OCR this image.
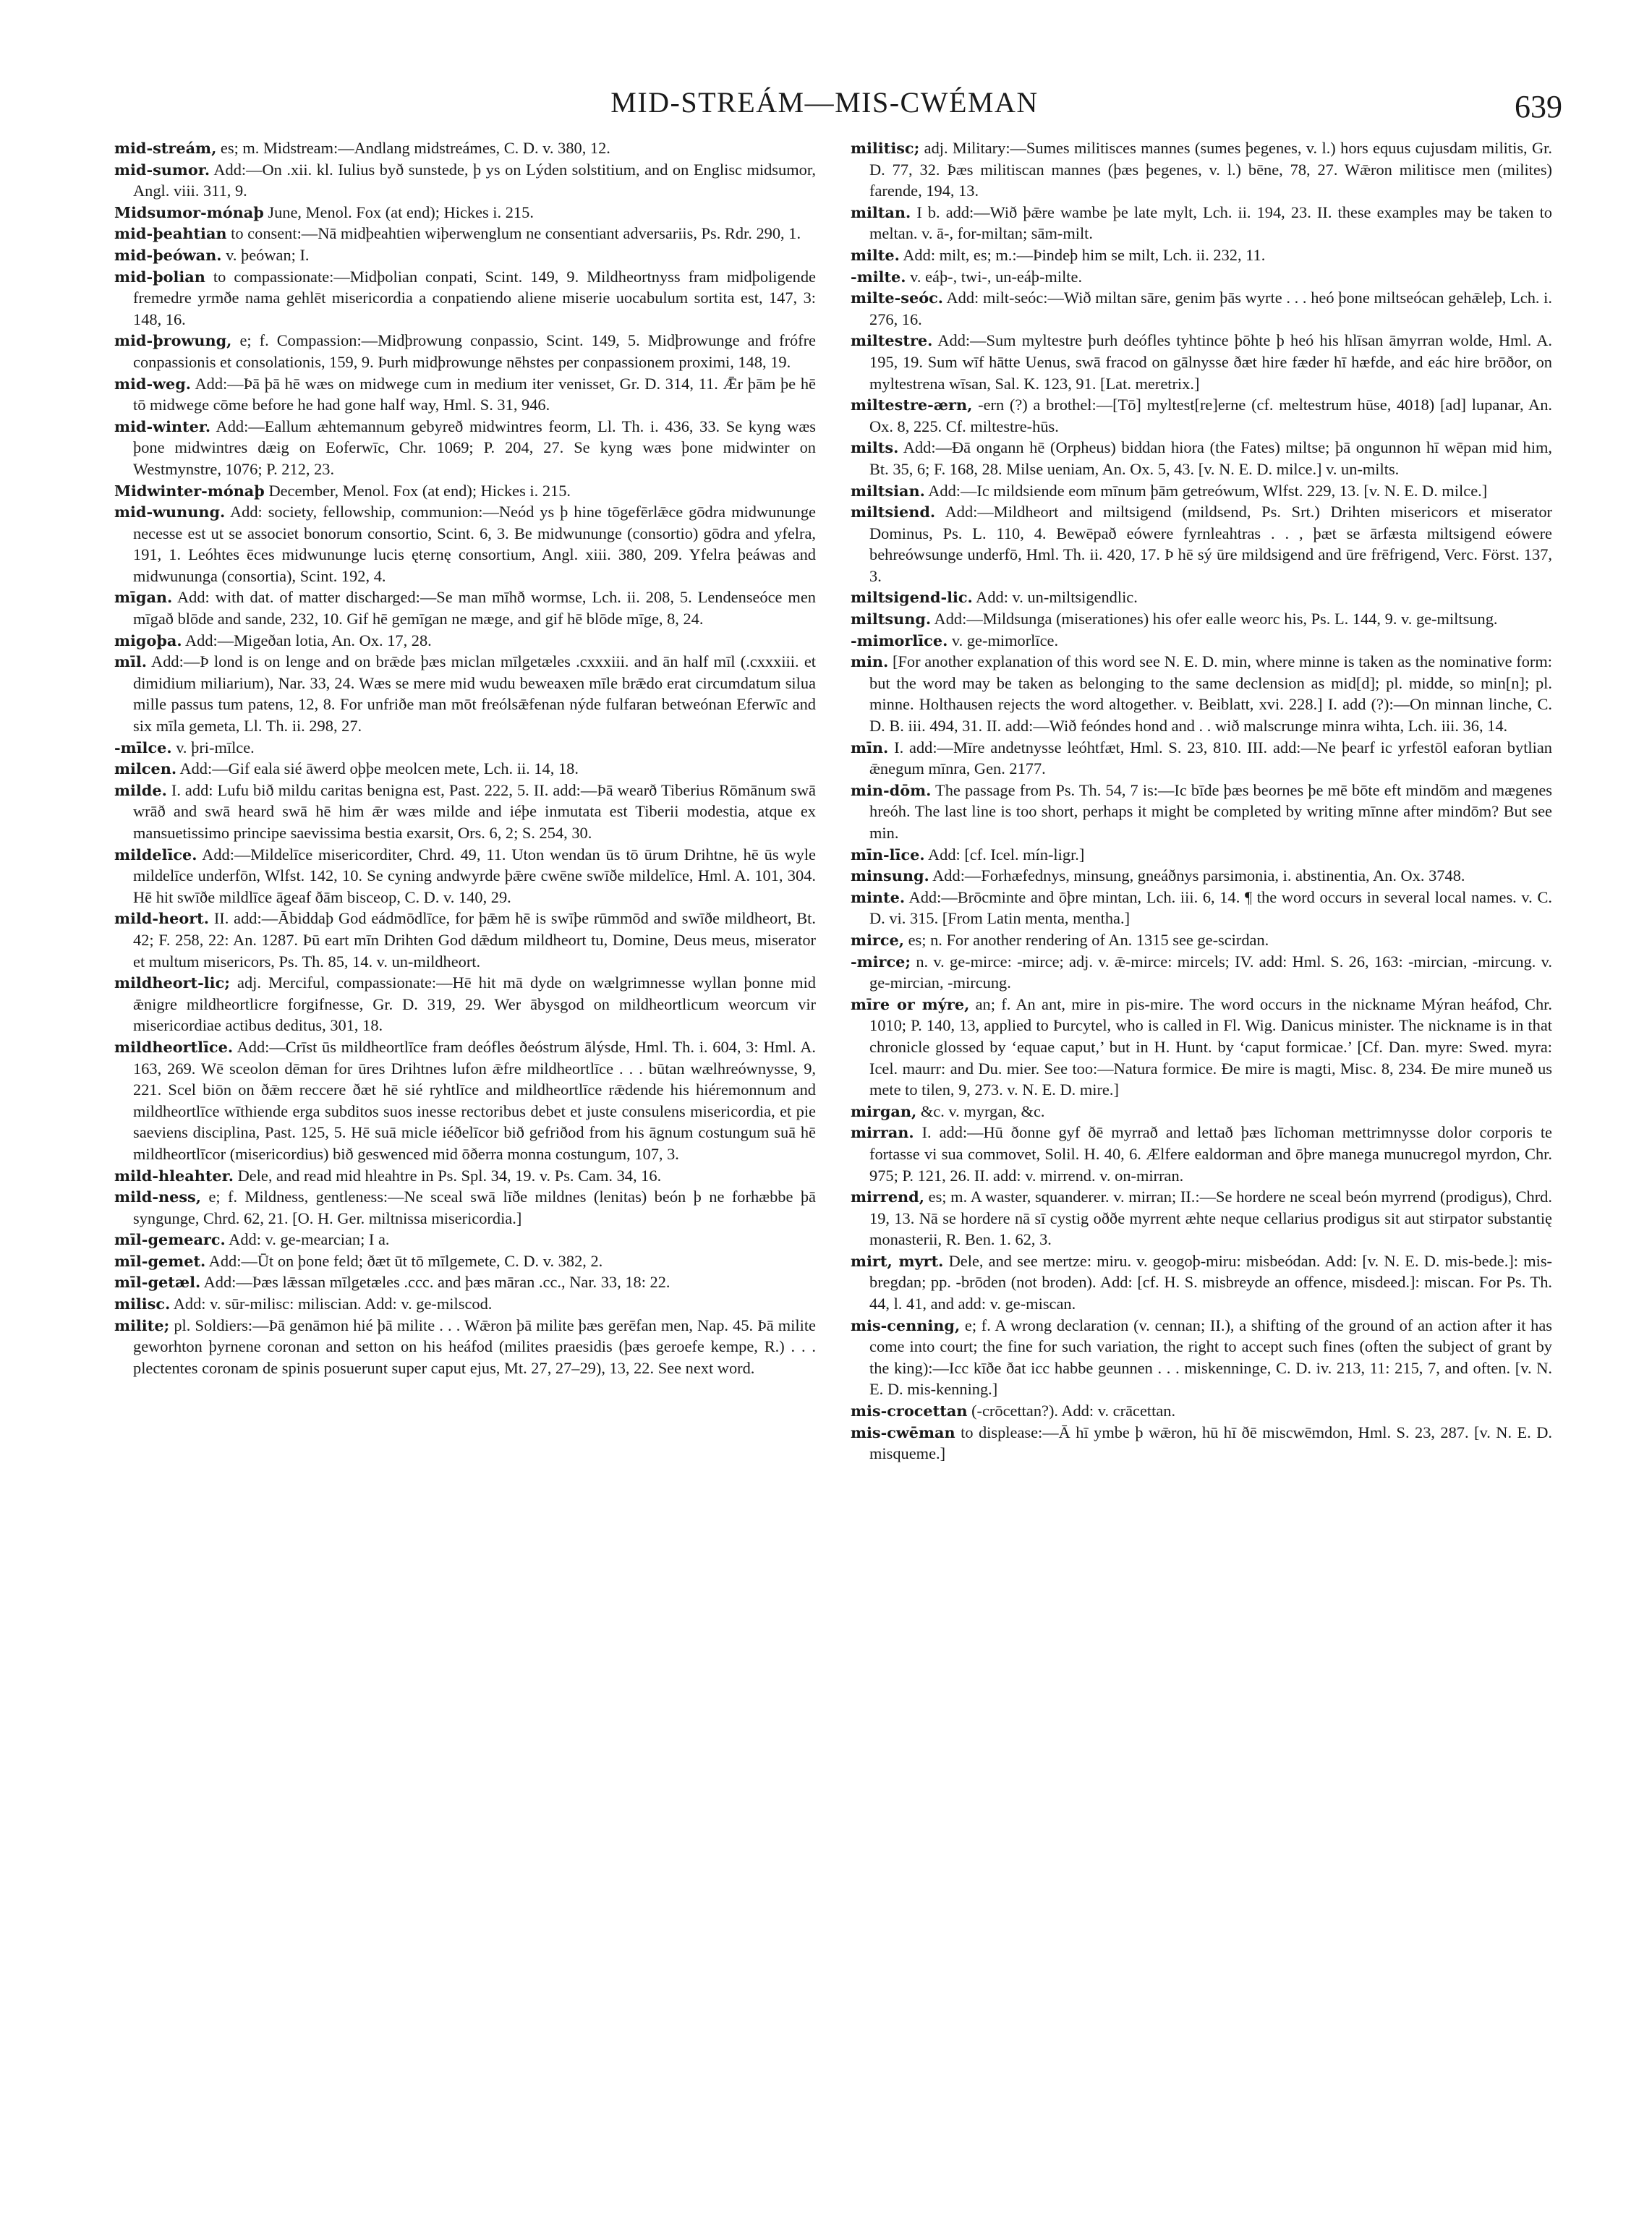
MID-STREÁM—MIS-CWÉMAN	639

mid-streám, es; m. Midstream:—Andlang midstreámes, C. D. v. 380, 12.

mid-sumor. Add:—On .xii. kl. Iulius byð sunstede, þ ys on Lýden solstitium, and on Englisc midsumor, Angl. viii. 311, 9.

Midsumor-mónaþ June, Menol. Fox (at end); Hickes i. 215.

mid-þeahtian to consent:—Nā midþeahtien wiþerwenglum ne consentiant adversariis, Ps. Rdr. 290, 1.

mid-þeówan. v. þeówan; I.

mid-þolian to compassionate:—Midþolian conpati, Scint. 149, 9. Mildheortnyss fram midþoligende fremedre yrmðe nama gehlēt misericordia a conpatiendo aliene miserie uocabulum sortita est, 147, 3: 148, 16.

mid-þrowung, e; f. Compassion:—Midþrowung conpassio, Scint. 149, 5. Midþrowunge and frófre conpassionis et consolationis, 159, 9. Þurh midþrowunge nēhstes per conpassionem proximi, 148, 19.

mid-weg. Add:—Þā þā hē wæs on midwege cum in medium iter venisset, Gr. D. 314, 11. Ǣr þām þe hē tō midwege cōme before he had gone half way, Hml. S. 31, 946.

mid-winter. Add:—Eallum æhtemannum gebyreð midwintres feorm, Ll. Th. i. 436, 33. Se kyng wæs þone midwintres dæig on Eoferwīc, Chr. 1069; P. 204, 27. Se kyng wæs þone midwinter on Westmynstre, 1076; P. 212, 23.

Midwinter-mónaþ December, Menol. Fox (at end); Hickes i. 215.

mid-wunung. Add: society, fellowship, communion:—Neód ys þ hine tōgefērlǣce gōdra midwununge necesse est ut se associet bonorum consortio, Scint. 6, 3. Be midwununge (consortio) gōdra and yfelra, 191, 1. Leóhtes ēces midwununge lucis ęternę consortium, Angl. xiii. 380, 209. Yfelra þeáwas and midwununga (consortia), Scint. 192, 4.

mīgan. Add: with dat. of matter discharged:—Se man mīhð wormse, Lch. ii. 208, 5. Lendenseóce men mīgað blōde and sande, 232, 10. Gif hē gemīgan ne mæge, and gif hē blōde mīge, 8, 24.

migoþa. Add:—Migeðan lotia, An. Ox. 17, 28.

mīl. Add:—Þ lond is on lenge and on brǣde þæs miclan mīlgetæles .cxxxiii. and ān half mīl (.cxxxiii. et dimidium miliarium), Nar. 33, 24. Wæs se mere mid wudu beweaxen mīle brǣdo erat circumdatum silua mille passus tum patens, 12, 8. For unfriðe man mōt freólsǣfenan nýde fulfaran betweónan Eferwīc and six mīla gemeta, Ll. Th. ii. 298, 27.

-mīlce. v. þri-mīlce.

milcen. Add:—Gif eala sié āwerd oþþe meolcen mete, Lch. ii. 14, 18.

milde. I. add: Lufu bið mildu caritas benigna est, Past. 222, 5. II. add:—Þā wearð Tiberius Rōmānum swā wrāð and swā heard swā hē him ǣr wæs milde and iéþe inmutata est Tiberii modestia, atque ex mansuetissimo principe saevissima bestia exarsit, Ors. 6, 2; S. 254, 30.

mildelīce. Add:—Mildelīce misericorditer, Chrd. 49, 11. Uton wendan ūs tō ūrum Drihtne, hē ūs wyle mildelīce underfōn, Wlfst. 142, 10. Se cyning andwyrde þǣre cwēne swīðe mildelīce, Hml. A. 101, 304. Hē hit swīðe mildlīce āgeaf ðām bisceop, C. D. v. 140, 29.

mild-heort. II. add:—Ābiddaþ God eádmōdlīce, for þǣm hē is swīþe rūmmōd and swīðe mildheort, Bt. 42; F. 258, 22: An. 1287. Þū eart mīn Drihten God dǣdum mildheort tu, Domine, Deus meus, miserator et multum misericors, Ps. Th. 85, 14. v. un-mildheort.

mildheort-lic; adj. Merciful, compassionate:—Hē hit mā dyde on wælgrimnesse wyllan þonne mid ǣnigre mildheortlicre forgifnesse, Gr. D. 319, 29. Wer ābysgod on mildheortlicum weorcum vir misericordiae actibus deditus, 301, 18.

mildheortlīce. Add:—Crīst ūs mildheortlīce fram deófles ðeóstrum ālýsde, Hml. Th. i. 604, 3: Hml. A. 163, 269. Wē sceolon dēman for ūres Drihtnes lufon ǣfre mildheortlīce . . . būtan wælhreównysse, 9, 221. Scel biōn on ðǣm reccere ðæt hē sié ryhtlīce and mildheortlīce rǣdende his hiéremonnum and mildheortlīce wīthiende erga subditos suos inesse rectoribus debet et juste consulens misericordia, et pie saeviens disciplina, Past. 125, 5. Hē suā micle iéðelīcor bið gefriðod from his āgnum costungum suā hē mildheortlīcor (misericordius) bið geswenced mid ōðerra monna costungum, 107, 3.

mild-hleahter. Dele, and read mid hleahtre in Ps. Spl. 34, 19. v. Ps. Cam. 34, 16.

mild-ness, e; f. Mildness, gentleness:—Ne sceal swā līðe mildnes (lenitas) beón þ ne forhæbbe þā syngunge, Chrd. 62, 21. [O. H. Ger. miltnissa misericordia.]

mīl-gemearc. Add: v. ge-mearcian; I a.

mīl-gemet. Add:—Ūt on þone feld; ðæt ūt tō mīlgemete, C. D. v. 382, 2.

mīl-getæl. Add:—Þæs lǣssan mīlgetæles .ccc. and þæs māran .cc., Nar. 33, 18: 22.

milisc. Add: v. sūr-milisc: miliscian. Add: v. ge-milscod.

milite; pl. Soldiers:—Þā genāmon hié þā milite . . . Wǣron þā milite þæs gerēfan men, Nap. 45. Þā milite geworhton þyrnene coronan and setton on his heáfod (milites praesidis (þæs geroefe kempe, R.) . . . plectentes coronam de spinis posuerunt super caput ejus, Mt. 27, 27–29), 13, 22. See next word.

militisc; adj. Military:—Sumes militisces mannes (sumes þegenes, v. l.) hors equus cujusdam militis, Gr. D. 77, 32. Þæs militiscan mannes (þæs þegenes, v. l.) bēne, 78, 27. Wǣron militisce men (milites) farende, 194, 13.

miltan. I b. add:—Wið þǣre wambe þe late mylt, Lch. ii. 194, 23. II. these examples may be taken to meltan. v. ā-, for-miltan; sām-milt.

milte. Add: milt, es; m.:—Þindeþ him se milt, Lch. ii. 232, 11.

-milte. v. eáþ-, twi-, un-eáþ-milte.

milte-seóc. Add: milt-seóc:—Wið miltan sāre, genim þās wyrte . . . heó þone miltseócan gehǣleþ, Lch. i. 276, 16.

miltestre. Add:—Sum myltestre þurh deófles tyhtince þōhte þ heó his hlīsan āmyrran wolde, Hml. A. 195, 19. Sum wīf hātte Uenus, swā fracod on gālnysse ðæt hire fæder hī hæfde, and eác hire brōðor, on myltestrena wīsan, Sal. K. 123, 91. [Lat. meretrix.]

miltestre-ærn, -ern (?) a brothel:—[Tō] myltest[re]erne (cf. meltestrum hūse, 4018) [ad] lupanar, An. Ox. 8, 225. Cf. miltestre-hūs.

milts. Add:—Ðā ongann hē (Orpheus) biddan hiora (the Fates) miltse; þā ongunnon hī wēpan mid him, Bt. 35, 6; F. 168, 28. Milse ueniam, An. Ox. 5, 43. [v. N. E. D. milce.] v. un-milts.

miltsian. Add:—Ic mildsiende eom mīnum þām getreówum, Wlfst. 229, 13. [v. N. E. D. milce.]

miltsiend. Add:—Mildheort and miltsigend (mildsend, Ps. Srt.) Drihten misericors et miserator Dominus, Ps. L. 110, 4. Bewēpað eówere fyrnleahtras . . , þæt se ārfæsta miltsigend eówere behreówsunge underfō, Hml. Th. ii. 420, 17. Þ hē sý ūre mildsigend and ūre frēfrigend, Verc. Först. 137, 3.

miltsigend-lic. Add: v. un-miltsigendlic.

miltsung. Add:—Mildsunga (miserationes) his ofer ealle weorc his, Ps. L. 144, 9. v. ge-miltsung.

-mimorlīce. v. ge-mimorlīce.

min. [For another explanation of this word see N. E. D. min, where minne is taken as the nominative form: but the word may be taken as belonging to the same declension as mid[d]; pl. midde, so min[n]; pl. minne. Holthausen rejects the word altogether. v. Beiblatt, xvi. 228.] I. add (?):—On minnan linche, C. D. B. iii. 494, 31. II. add:—Wið feóndes hond and . . wið malscrunge minra wihta, Lch. iii. 36, 14.

mīn. I. add:—Mīre andetnysse leóhtfæt, Hml. S. 23, 810. III. add:—Ne þearf ic yrfestōl eaforan bytlian ǣnegum mīnra, Gen. 2177.

min-dōm. The passage from Ps. Th. 54, 7 is:—Ic bīde þæs beornes þe mē bōte eft mindōm and mægenes hreóh. The last line is too short, perhaps it might be completed by writing mīnne after mindōm? But see min.

mīn-līce. Add: [cf. Icel. mín-ligr.]

minsung. Add:—Forhæfednys, minsung, gneáðnys parsimonia, i. abstinentia, An. Ox. 3748.

minte. Add:—Brōcminte and ōþre mintan, Lch. iii. 6, 14. ¶ the word occurs in several local names. v. C. D. vi. 315. [From Latin menta, mentha.]

mirce, es; n. For another rendering of An. 1315 see ge-scirdan.

-mirce; n. v. ge-mirce: -mirce; adj. v. ǣ-mirce: mircels; IV. add: Hml. S. 26, 163: -mircian, -mircung. v. ge-mircian, -mircung.

mīre or mýre, an; f. An ant, mire in pis-mire. The word occurs in the nickname Mýran heáfod, Chr. 1010; P. 140, 13, applied to Þurcytel, who is called in Fl. Wig. Danicus minister. The nickname is in that chronicle glossed by ‘equae caput,’ but in H. Hunt. by ‘caput formicae.’ [Cf. Dan. myre: Swed. myra: Icel. maurr: and Du. mier. See too:—Natura formice. Ðe mire is magti, Misc. 8, 234. Ðe mire muneð us mete to tilen, 9, 273. v. N. E. D. mire.]

mirgan, &c. v. myrgan, &c.

mirran. I. add:—Hū ðonne gyf ðē myrrað and lettað þæs līchoman mettrimnysse dolor corporis te fortasse vi sua commovet, Solil. H. 40, 6. Ælfere ealdorman and ōþre manega munucregol myrdon, Chr. 975; P. 121, 26. II. add: v. mirrend. v. on-mirran.

mirrend, es; m. A waster, squanderer. v. mirran; II.:—Se hordere ne sceal beón myrrend (prodigus), Chrd. 19, 13. Nā se hordere nā sī cystig oððe myrrent æhte neque cellarius prodigus sit aut stirpator substantię monasterii, R. Ben. 1. 62, 3.

mirt, myrt. Dele, and see mertze: miru. v. geogoþ-miru: misbeódan. Add: [v. N. E. D. mis-bede.]: mis-bregdan; pp. -brōden (not broden). Add: [cf. H. S. misbreyde an offence, misdeed.]: miscan. For Ps. Th. 44, l. 41, and add: v. ge-miscan.

mis-cenning, e; f. A wrong declaration (v. cennan; II.), a shifting of the ground of an action after it has come into court; the fine for such variation, the right to accept such fines (often the subject of grant by the king):—Icc kīðe ðat icc habbe geunnen . . . miskenninge, C. D. iv. 213, 11: 215, 7, and often. [v. N. E. D. mis-kenning.]

mis-crocettan (-crōcettan?). Add: v. crācettan.

mis-cwēman to displease:—Ā hī ymbe þ wǣron, hū hī ðē miscwēmdon, Hml. S. 23, 287. [v. N. E. D. misqueme.]
